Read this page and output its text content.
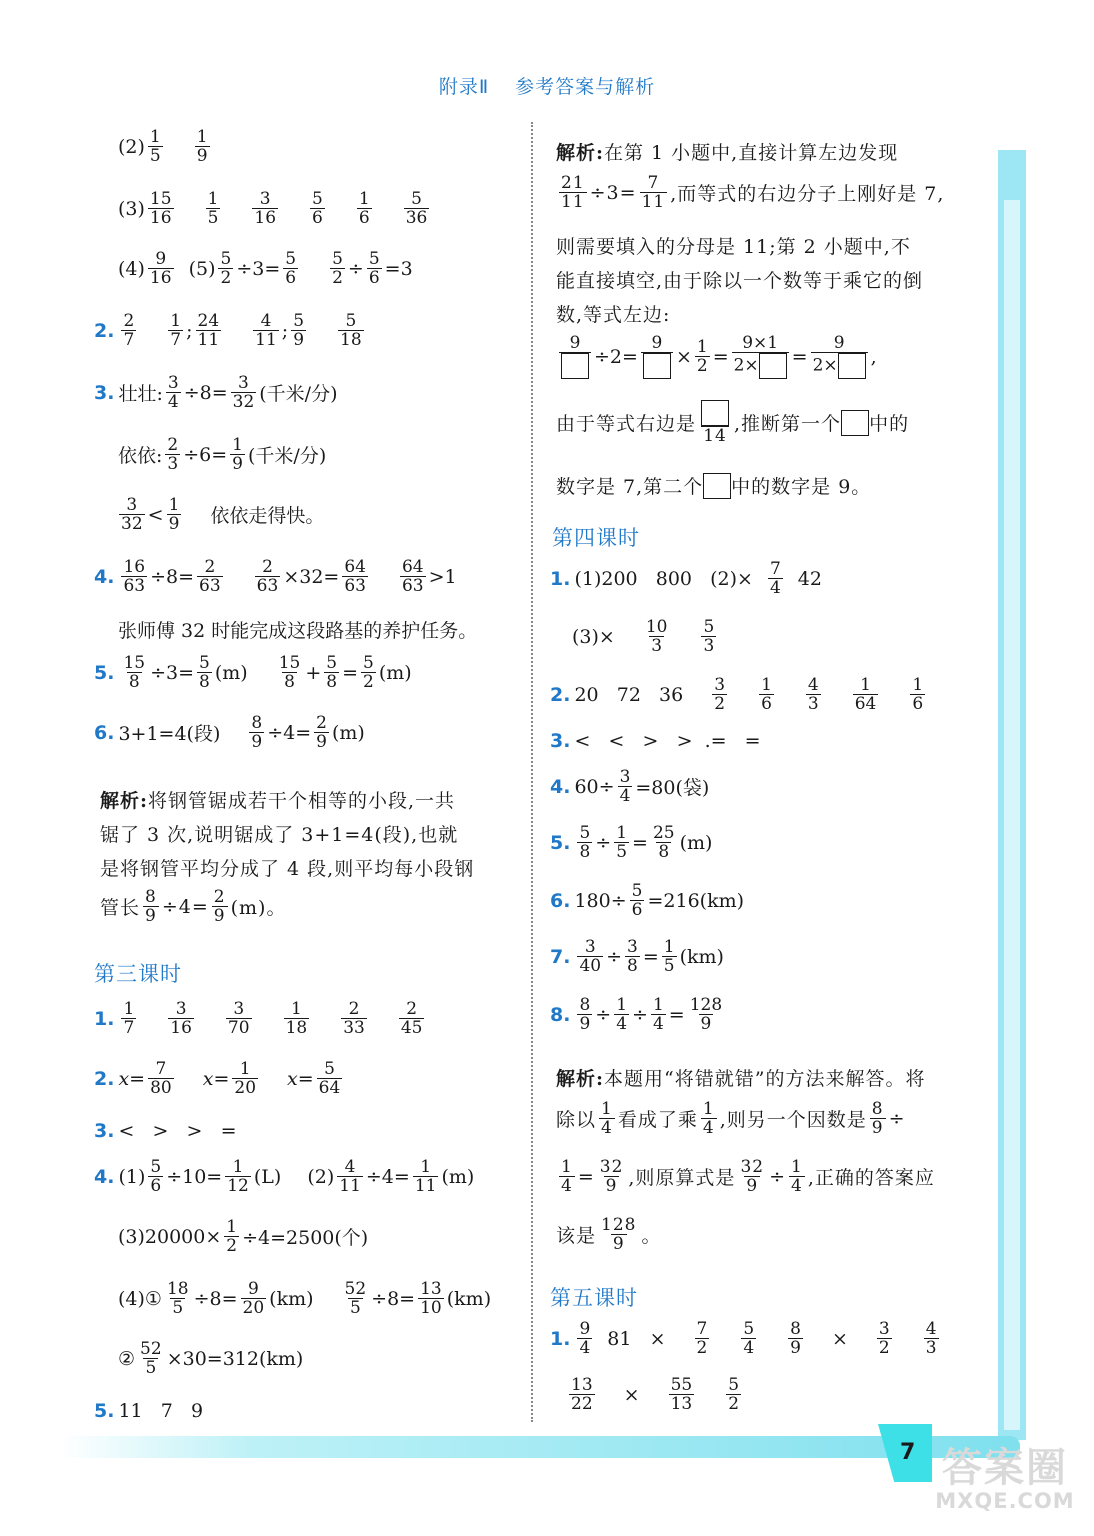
7 答案圈
MXQE.COM
附录Ⅱ 参考答案与解析
$(2) \frac{1}{5} \frac{1}{9}$
$(3) \frac{15}{16} \frac{1}{5} \frac{3}{16} \frac{5}{6} \frac{1}{6} \frac{5}{36}$
$(4) \frac{9}{16} (5) \frac{5}{2} \div 3= \frac{5}{6} \frac{5}{2} \div \frac{5}{6} =3$
2. $\frac{2}{7} \frac{1}{7}$ ; $\frac{24}{11} \frac{4}{11}$ ; $\frac{5}{9} \frac{5}{18}$
3. 壮壮: $\frac{3}{4} \div 8= \frac{3}{32}$ (千米/分)
依依: $\frac{2}{3} \div 6= \frac{1}{9}$ (千米/分)
$\frac{3}{32} < \frac{1}{9}$ 依依走得快。
4. $\frac{16}{63} \div 8= \frac{2}{63} \frac{2}{63} \times 32= \frac{64}{63} \frac{64}{63} >1$
张师傅 32 时能完成这段路基的养护任务。
5. $\frac{15}{8} \div 3= \frac{5}{8} (m) \frac{15}{8} + \frac{5}{8} = \frac{5}{2} (m)$
6. 3+1=4(段) $\frac{8}{9} \div 4= \frac{2}{9} (m)$
解析:将钢管锯成若干个相等的小段,一共
锯了 3 次,说明锯成了 3+1=4(段),也就
是将钢管平均分成了 4 段,则平均每小段钢
管长 $\frac{8}{9} \div 4= \frac{2}{9} (m)$。
第三课时
1. $\frac{1}{7} \frac{3}{16} \frac{3}{70} \frac{1}{18} \frac{2}{33} \frac{2}{45}$
2. $x= \frac{7}{80} x= \frac{1}{20} x= \frac{5}{64}$
3. <   >   >   =
4. $(1) \frac{5}{6} \div 10= \frac{1}{12} (L)$ $(2) \frac{4}{11} \div 4= \frac{1}{11} (m)$
$(3)20000\times \frac{1}{2} \div 4=2500$(个)
(4)① $\frac{18}{5} \div 8= \frac{9}{20} (km) \frac{52}{5} \div 8= \frac{13}{10} (km)$
② $\frac{52}{5} \times 30=312(km)$
5. 11   7   9
解析:在第 1 小题中,直接计算左边发现
$\frac{21}{11} \div 3= \frac{7}{11}$ ,而等式的右边分子上刚好是 7,
则需要填入的分母是 11;第 2 小题中,不
能直接填空,由于除以一个数等于乘它的倒
数,等式左边:
9
÷2=
9
× $\frac{1}{2} = \frac{9\times 1}{2\times} = \frac{9}{2\times}$ ,
由于等式右边是
14
,推断第一个 中的
数字是 7,第二个 中的数字是 9。
第四课时
1. (1)200   800   $(2)\times \frac{7}{4} 42$
$(3)\times \frac{10}{3} \frac{5}{3}$
2. 20   72   $36 \frac{3}{2} \frac{1}{6} \frac{4}{3} \frac{1}{64} \frac{1}{6}$
3. <   <   >   >  .=   =
4. $60\div \frac{3}{4} =80$(袋)
5. $\frac{5}{8} \div \frac{1}{5} = \frac{25}{8} (m)$
6. $180\div \frac{5}{6} =216(km)$
7. $\frac{3}{40} \div \frac{3}{8} = \frac{1}{5} (km)$
8. $\frac{8}{9} \div \frac{1}{4} \div \frac{1}{4} = \frac{128}{9}$
解析:本题用“将错就错”的方法来解答。将
除以 $\frac{1}{4}$ 看成了乘 $\frac{1}{4}$ ,则另一个因数是 $\frac{8}{9}$ ÷
$\frac{1}{4} = \frac{32}{9}$ ,则原算式是 $\frac{32}{9} \div \frac{1}{4}$ ,正确的答案应
该是 $\frac{128}{9}$ 。
第五课时
1. $\frac{9}{4} 81 \times \frac{7}{2} \frac{5}{4} \frac{8}{9} \times \frac{3}{2} \frac{4}{3}$
$\frac{13}{22} \times \frac{55}{13} \frac{5}{2}$
